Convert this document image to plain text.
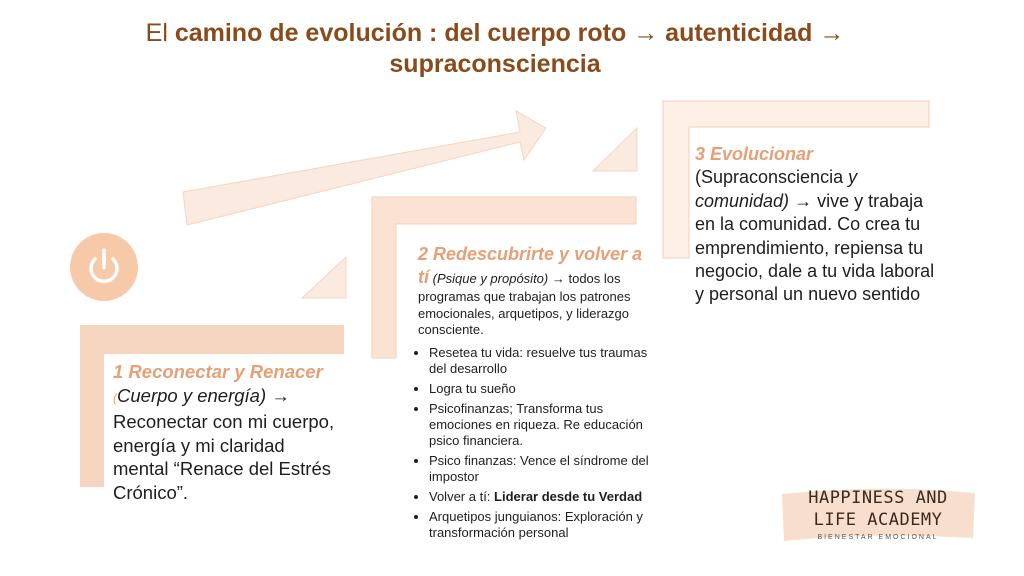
El camino de evolución : del cuerpo roto → autenticidad → supraconsciencia
1 Reconectar y Renacer
(Cuerpo y energía) → Reconectar con mi cuerpo, energía y mi claridad mental “Renace del Estrés Crónico”.
2 Redescubrirte y volver a tí (Psique y propósito) → todos los programas que trabajan los patrones emocionales, arquetipos, y liderazgo consciente.
• Resetea tu vida: resuelve tus traumas del desarrollo
• Logra tu sueño
• Psicofinanzas; Transforma tus emociones en riqueza. Re educación psico financiera.
• Psico finanzas: Vence el síndrome del impostor
• Volver a tí: Liderar desde tu Verdad
• Arquetipos junguianos: Exploración y transformación personal
3 Evolucionar
(Supraconsciencia y comunidad) → vive y trabaja en la comunidad. Co crea tu emprendimiento, repiensa tu negocio, dale a tu vida laboral y personal un nuevo sentido
HAPPINESS AND
LIFE ACADEMY
BIENESTAR EMOCIONAL
